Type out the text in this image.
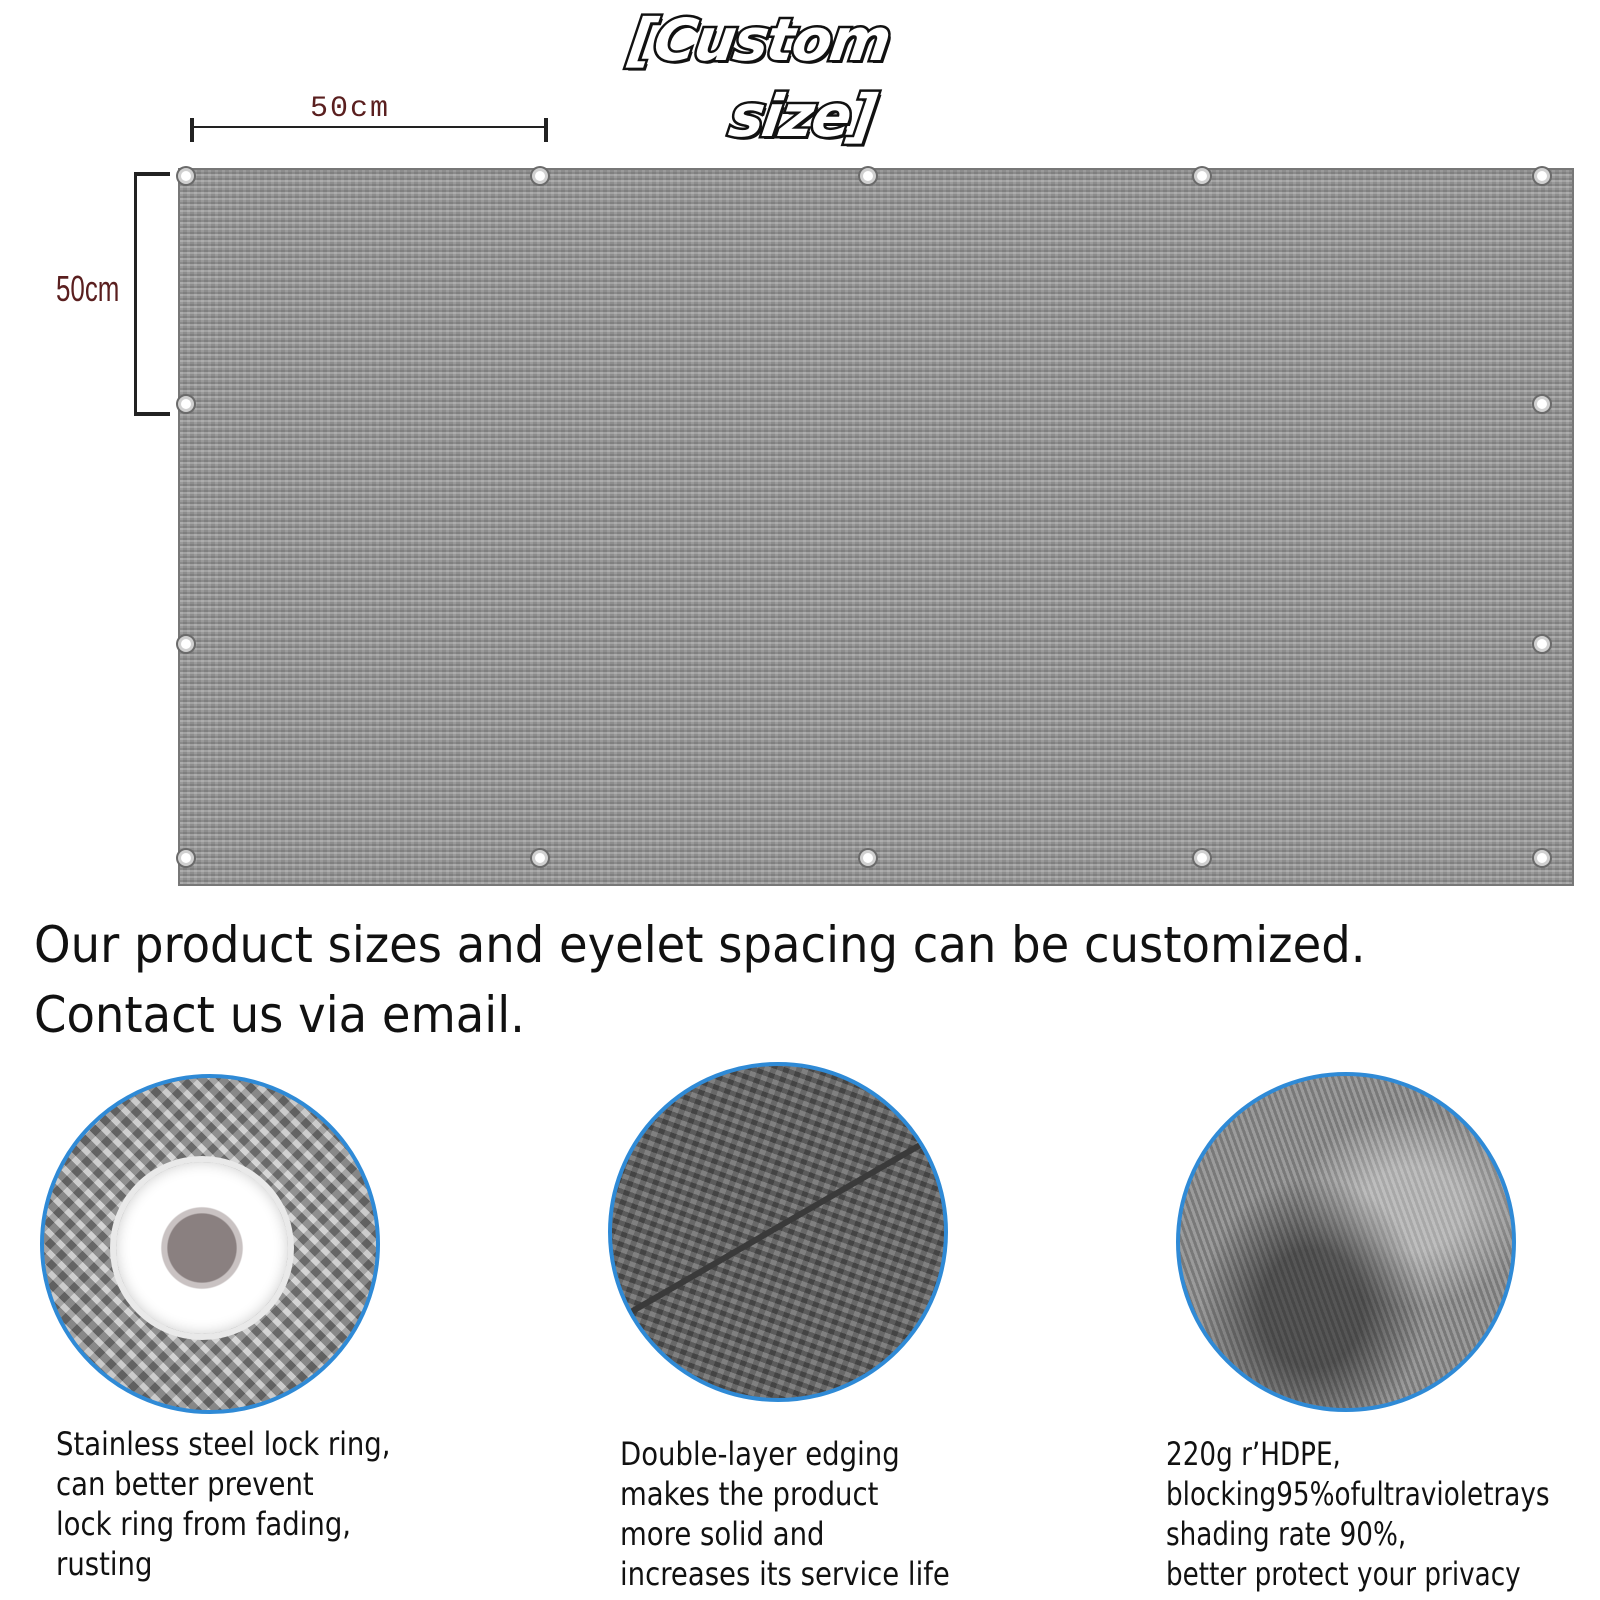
[Custom
size]
50cm
50cm
Our product sizes and eyelet spacing can be customized.
Contact us via email.
Stainless steel lock ring,
can better prevent
lock ring from fading,
rusting
Double-layer edging
makes the product
more solid and
increases its service life
220g r’HDPE,
blocking95%ofultravioletrays
shading rate 90%,
better protect your privacy
